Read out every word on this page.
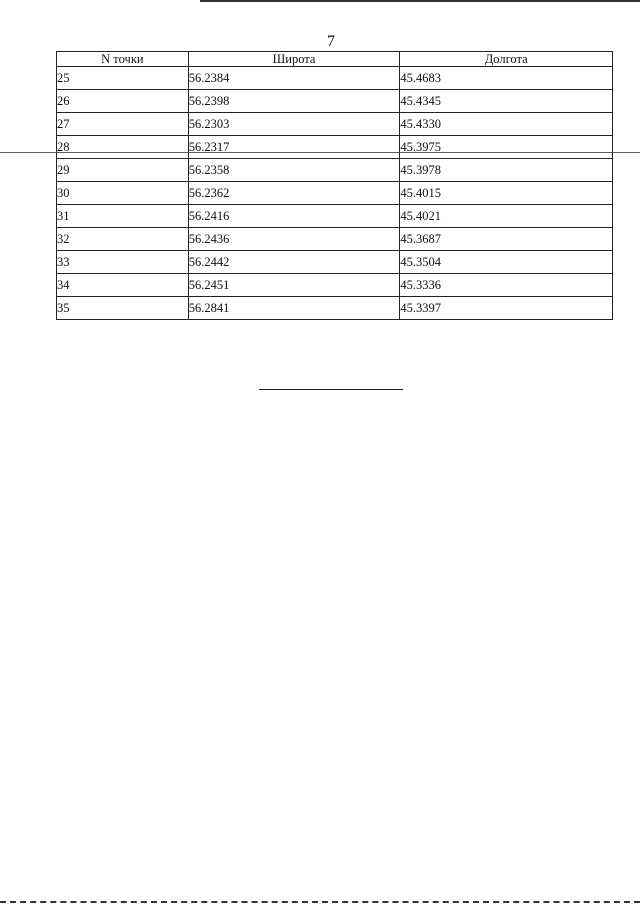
7
N точки	Широта	Долгота
25	56.2384	45.4683
26	56.2398	45.4345
27	56.2303	45.4330
28	56.2317	45.3975
29	56.2358	45.3978
30	56.2362	45.4015
31	56.2416	45.4021
32	56.2436	45.3687
33	56.2442	45.3504
34	56.2451	45.3336
35	56.2841	45.3397
